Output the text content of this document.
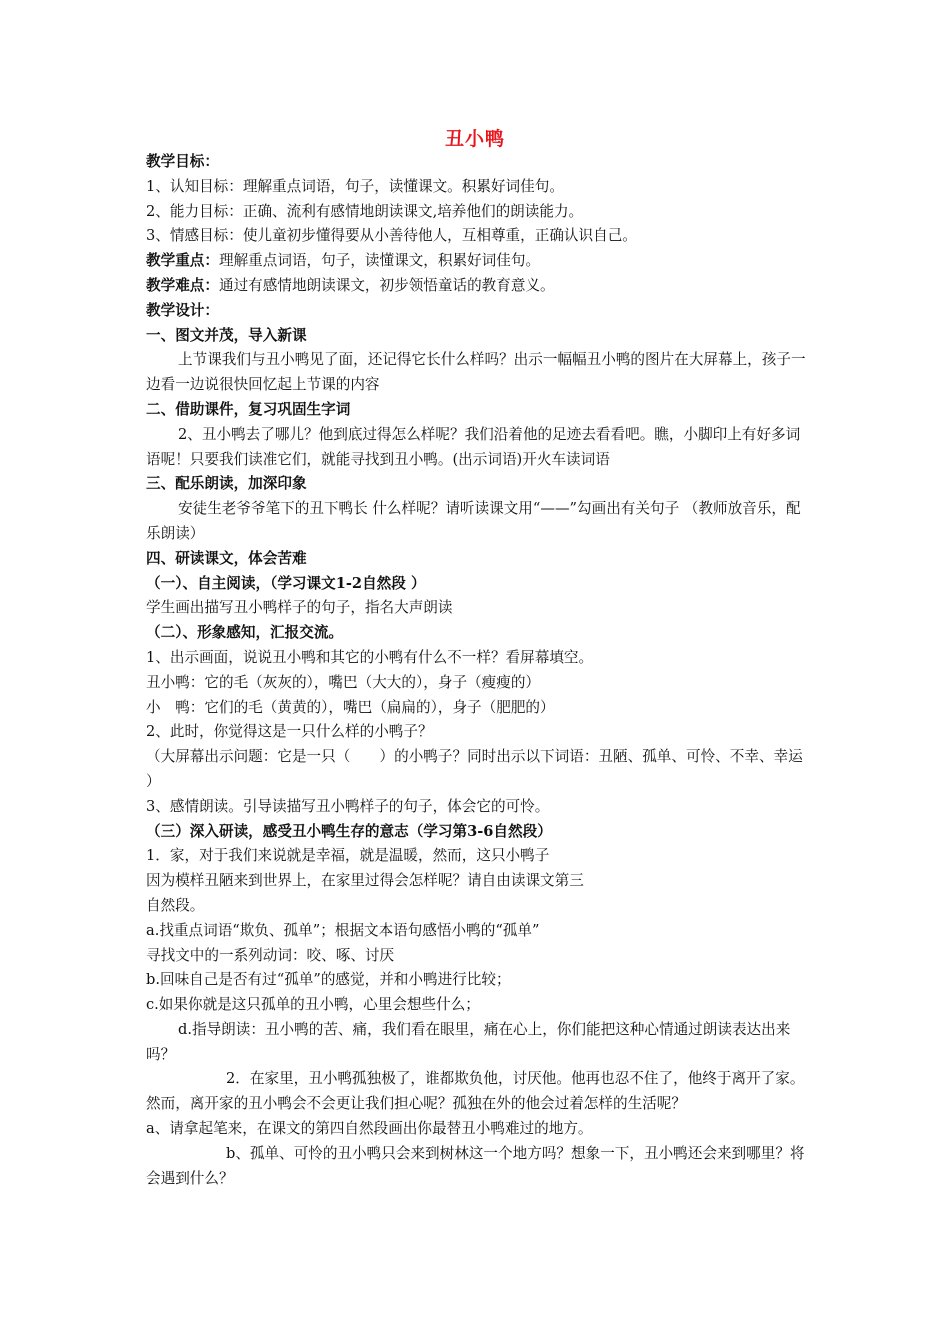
丑小鸭

教学目标：

1、认知目标：理解重点词语，句子，读懂课文。积累好词佳句。

2、能力目标：正确、流利有感情地朗读课文,培养他们的朗读能力。

3、情感目标：使儿童初步懂得要从小善待他人，互相尊重，正确认识自己。

教学重点：理解重点词语，句子，读懂课文，积累好词佳句。

教学难点：通过有感情地朗读课文，初步领悟童话的教育意义。

教学设计：

一、图文并茂，导入新课

上节课我们与丑小鸭见了面，还记得它长什么样吗？出示一幅幅丑小鸭的图片在大屏幕上，孩子一边看一边说很快回忆起上节课的内容

二、借助课件，复习巩固生字词

2、丑小鸭去了哪儿？他到底过得怎么样呢？我们沿着他的足迹去看看吧。瞧，小脚印上有好多词语呢！只要我们读准它们，就能寻找到丑小鸭。(出示词语)开火车读词语

三、配乐朗读，加深印象

安徒生老爷爷笔下的丑下鸭长 什么样呢？请听读课文用“——”勾画出有关句子 （教师放音乐，配乐朗读）

四、研读课文，体会苦难

（一）、自主阅读，（学习课文1-2自然段 ）

学生画出描写丑小鸭样子的句子，指名大声朗读

（二）、形象感知，汇报交流。

1、出示画面，说说丑小鸭和其它的小鸭有什么不一样？看屏幕填空。

丑小鸭：它的毛（灰灰的），嘴巴（大大的），身子（瘦瘦的）

小　鸭：它们的毛（黄黄的），嘴巴（扁扁的），身子（肥肥的）

2、此时，你觉得这是一只什么样的小鸭子？

（大屏幕出示问题：它是一只（　　）的小鸭子？同时出示以下词语：丑陋、孤单、可怜、不幸、幸运 ）

3、感情朗读。引导读描写丑小鸭样子的句子，体会它的可怜。

（三）深入研读，感受丑小鸭生存的意志（学习第3-6自然段）

1．家，对于我们来说就是幸福，就是温暖，然而，这只小鸭子

因为模样丑陋来到世界上，在家里过得会怎样呢？请自由读课文第三

自然段。

a.找重点词语“欺负、孤单”；根据文本语句感悟小鸭的“孤单”

寻找文中的一系列动词：咬、啄、讨厌

b.回味自己是否有过“孤单”的感觉，并和小鸭进行比较；

c.如果你就是这只孤单的丑小鸭，心里会想些什么；

d.指导朗读：丑小鸭的苦、痛，我们看在眼里，痛在心上，你们能把这种心情通过朗读表达出来吗？

2．在家里，丑小鸭孤独极了，谁都欺负他，讨厌他。他再也忍不住了，他终于离开了家。然而，离开家的丑小鸭会不会更让我们担心呢？孤独在外的他会过着怎样的生活呢？

a、请拿起笔来，在课文的第四自然段画出你最替丑小鸭难过的地方。

b、孤单、可怜的丑小鸭只会来到树林这一个地方吗？想象一下，丑小鸭还会来到哪里？将会遇到什么？
